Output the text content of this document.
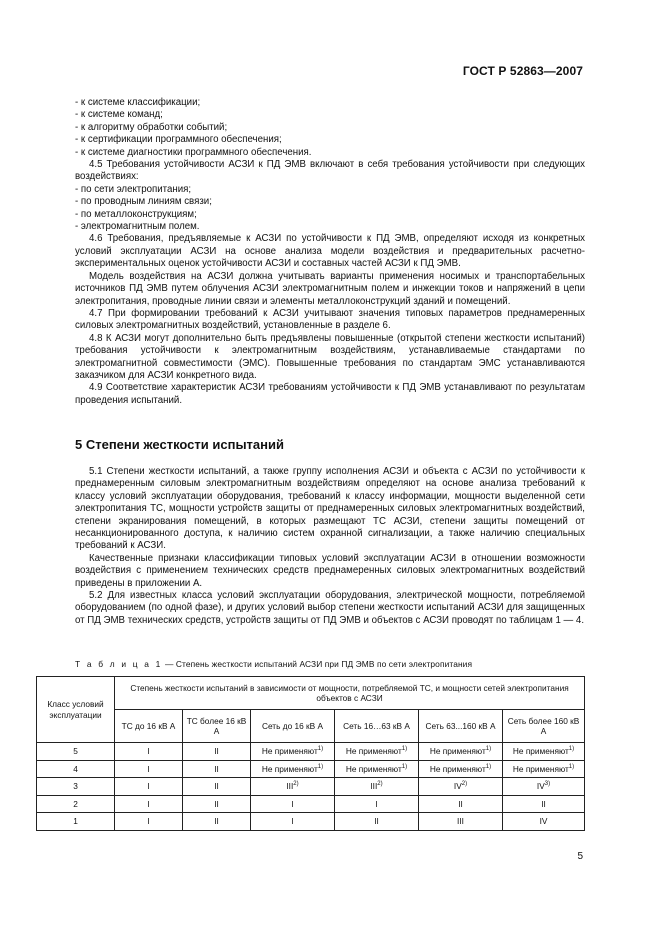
ГОСТ Р 52863—2007

- к системе классификации;

- к системе команд;

- к алгоритму обработки событий;

- к сертификации программного обеспечения;

- к системе диагностики программного обеспечения.

4.5 Требования устойчивости АСЗИ к ПД ЭМВ включают в себя требования устойчивости при следующих воздействиях:

- по сети электропитания;

- по проводным линиям связи;

- по металлоконструкциям;

- электромагнитным полем.

4.6 Требования, предъявляемые к АСЗИ по устойчивости к ПД ЭМВ, определяют исходя из конкретных условий эксплуатации АСЗИ на основе анализа модели воздействия и предварительных расчетно-экспериментальных оценок устойчивости АСЗИ и составных частей АСЗИ к ПД ЭМВ.

Модель воздействия на АСЗИ должна учитывать варианты применения носимых и транспортабельных источников ПД ЭМВ путем облучения АСЗИ электромагнитным полем и инжекции токов и напряжений в цепи электропитания, проводные линии связи и элементы металлоконструкций зданий и помещений.

4.7 При формировании требований к АСЗИ учитывают значения типовых параметров преднамеренных силовых электромагнитных воздействий, установленные в разделе 6.

4.8 К АСЗИ могут дополнительно быть предъявлены повышенные (открытой степени жесткости испытаний) требования устойчивости к электромагнитным воздействиям, устанавливаемые стандартами по электромагнитной совместимости (ЭМС). Повышенные требования по стандартам ЭМС устанавливаются заказчиком для АСЗИ конкретного вида.

4.9 Соответствие характеристик АСЗИ требованиям устойчивости к ПД ЭМВ устанавливают по результатам проведения испытаний.

5 Степени жесткости испытаний

5.1 Степени жесткости испытаний, а также группу исполнения АСЗИ и объекта с АСЗИ по устойчивости к преднамеренным силовым электромагнитным воздействиям определяют на основе анализа требований к классу условий эксплуатации оборудования, требований к классу информации, мощности выделенной сети электропитания ТС, мощности устройств защиты от преднамеренных силовых электромагнитных воздействий, степени экранирования помещений, в которых размещают ТС АСЗИ, степени защиты помещений от несанкционированного доступа, к наличию систем охранной сигнализации, а также наличию специальных требований к АСЗИ.

Качественные признаки классификации типовых условий эксплуатации АСЗИ в отношении возможности воздействия с применением технических средств преднамеренных силовых электромагнитных воздействий приведены в приложении А.

5.2 Для известных класса условий эксплуатации оборудования, электрической мощности, потребляемой оборудованием (по одной фазе), и других условий выбор степени жесткости испытаний АСЗИ для защищенных от ПД ЭМВ технических средств, устройств защиты от ПД ЭМВ и объектов с АСЗИ проводят по таблицам 1 — 4.

Т а б л и ц а 1 — Степень жесткости испытаний АСЗИ при ПД ЭМВ по сети электропитания
Класс условий эксплуатации	Степень жесткости испытаний в зависимости от мощности, потребляемой ТС, и мощности сетей электропитания объектов с АСЗИ					
	ТС до 16 кВ А	ТС более 16 кВ А	Сеть до 16 кВ А	Сеть 16…63 кВ А	Сеть 63...160 кВ А	Сеть более 160 кВ А
5	I	II	Не применяют$^{1)}$	Не применяют$^{1)}$	Не применяют$^{1)}$	Не применяют$^{1)}$
4	I	II	Не применяют$^{1)}$	Не применяют$^{1)}$	Не применяют$^{1)}$	Не применяют$^{1)}$
3	I	II	III$^{2)}$	III$^{2)}$	IV$^{2)}$	IV$^{3)}$
2	I	II	I	I	II	II
1	I	II	I	II	III	IV
5
